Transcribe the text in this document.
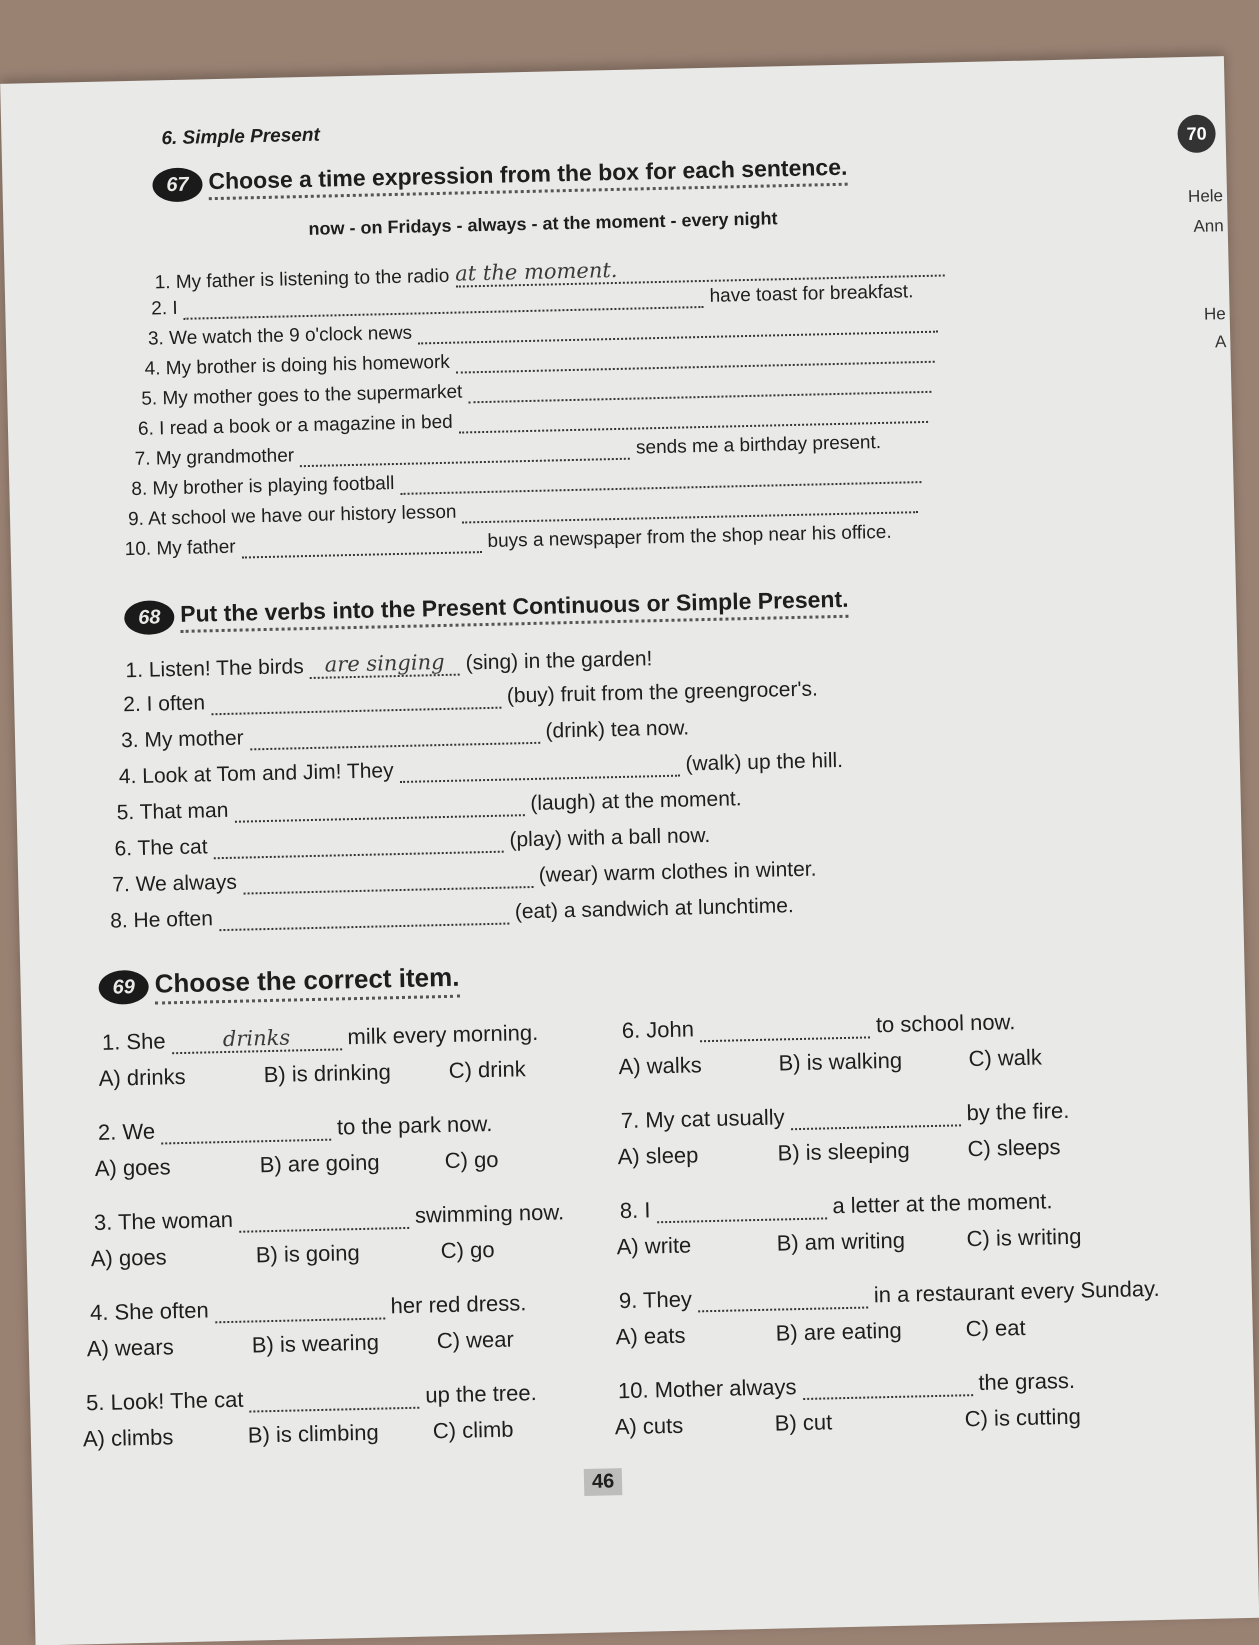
6. Simple Present	70
Hele
Ann
He
A
67 Choose a time expression from the box for each sentence.
now - on Fridays - always - at the moment - every night
68 Put the verbs into the Present Continuous or Simple Present.
69 Choose the correct item.
46
1. My father is listening to the radio at the moment.
2. I
have toast for breakfast.
3. We watch the 9 o'clock news
4. My brother is doing his homework
5. My mother goes to the supermarket
6. I read a book or a magazine in bed
7. My grandmother	sends me a birthday present.
8. My brother is playing football
9. At school we have our history lesson
10. My father	buys a newspaper from the shop near his office.
1. Listen! The birds are singing (sing) in the garden!
2. I often	(buy) fruit from the greengrocer's.
3. My mother	(drink) tea now.
4. Look at Tom and Jim! They	(walk) up the hill.
5. That man	(laugh) at the moment.
6. The cat	(play) with a ball now.
7. We always	(wear) warm clothes in winter.
8. He often	(eat) a sandwich at lunchtime.
1. She	drinks	milk every morning.
A) drinks	B) is drinking	C) drink
2. We	to the park now.
A) goes	B) are going	C) go
3. The woman	swimming now.
A) goes	B) is going	C) go
4. She often	her red dress.
A) wears	B) is wearing	C) wear
5. Look! The cat	up the tree.
A) climbs	B) is climbing	C) climb
6. John	to school now.
A) walks	B) is walking	C) walk
7. My cat usually	by the fire.
A) sleep	B) is sleeping	C) sleeps
8. I	a letter at the moment.
A) write	B) am writing	C) is writing
9. They	in a restaurant every Sunday.
A) eats	B) are eating	C) eat
10. Mother always	the grass.
A) cuts	B) cut	C) is cutting
